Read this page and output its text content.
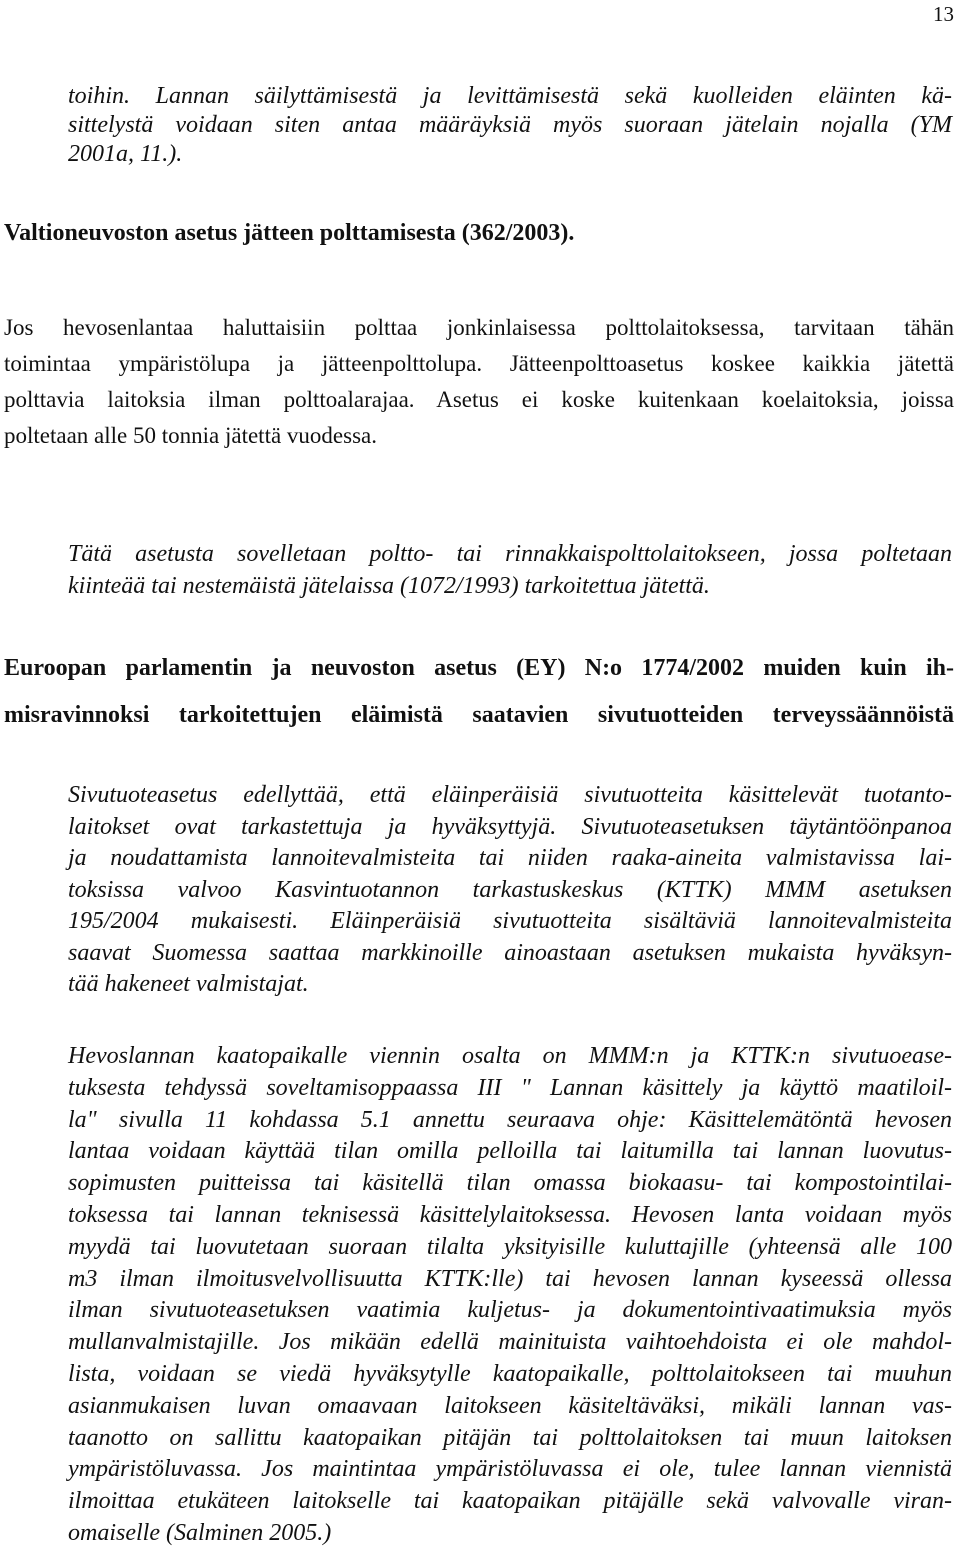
13
toihin. Lannan säilyttämisestä ja levittämisestä sekä kuolleiden eläinten kä-
sittelystä voidaan siten antaa määräyksiä myös suoraan jätelain nojalla (YM
2001a, 11.).
Valtioneuvoston asetus jätteen polttamisesta (362/2003).
Jos hevosenlantaa haluttaisiin polttaa jonkinlaisessa polttolaitoksessa, tarvitaan tähän
toimintaa ympäristölupa ja jätteenpolttolupa. Jätteenpolttoasetus koskee kaikkia jätettä
polttavia laitoksia ilman polttoalarajaa. Asetus ei koske kuitenkaan koelaitoksia, joissa
poltetaan alle 50 tonnia jätettä vuodessa.
Tätä asetusta sovelletaan poltto- tai rinnakkaispolttolaitokseen, jossa poltetaan
kiinteää tai nestemäistä jätelaissa (1072/1993) tarkoitettua jätettä.
Euroopan parlamentin ja neuvoston asetus (EY) N:o 1774/2002 muiden kuin ih-
misravinnoksi tarkoitettujen eläimistä saatavien sivutuotteiden terveyssäännöistä
Sivutuoteasetus edellyttää, että eläinperäisiä sivutuotteita käsittelevät tuotanto-
laitokset ovat tarkastettuja ja hyväksyttyjä. Sivutuoteasetuksen täytäntöönpanoa
ja noudattamista lannoitevalmisteita tai niiden raaka-aineita valmistavissa lai-
toksissa valvoo Kasvintuotannon tarkastuskeskus (KTTK) MMM asetuksen
195/2004 mukaisesti. Eläinperäisiä sivutuotteita sisältäviä lannoitevalmisteita
saavat Suomessa saattaa markkinoille ainoastaan asetuksen mukaista hyväksyn-
tää hakeneet valmistajat.
Hevoslannan kaatopaikalle viennin osalta on MMM:n ja KTTK:n sivutuoease-
tuksesta tehdyssä soveltamisoppaassa III " Lannan käsittely ja käyttö maatiloil-
la" sivulla 11 kohdassa 5.1 annettu seuraava ohje: Käsittelemätöntä hevosen
lantaa voidaan käyttää tilan omilla pelloilla tai laitumilla tai lannan luovutus-
sopimusten puitteissa tai käsitellä tilan omassa biokaasu- tai kompostointilai-
toksessa tai lannan teknisessä käsittelylaitoksessa. Hevosen lanta voidaan myös
myydä tai luovutetaan suoraan tilalta yksityisille kuluttajille (yhteensä alle 100
m3 ilman ilmoitusvelvollisuutta KTTK:lle) tai hevosen lannan kyseessä ollessa
ilman sivutuoteasetuksen vaatimia kuljetus- ja dokumentointivaatimuksia myös
mullanvalmistajille. Jos mikään edellä mainituista vaihtoehdoista ei ole mahdol-
lista, voidaan se viedä hyväksytylle kaatopaikalle, polttolaitokseen tai muuhun
asianmukaisen luvan omaavaan laitokseen käsiteltäväksi, mikäli lannan vas-
taanotto on sallittu kaatopaikan pitäjän tai polttolaitoksen tai muun laitoksen
ympäristöluvassa. Jos maintintaa ympäristöluvassa ei ole, tulee lannan viennistä
ilmoittaa etukäteen laitokselle tai kaatopaikan pitäjälle sekä valvovalle viran-
omaiselle (Salminen 2005.)
